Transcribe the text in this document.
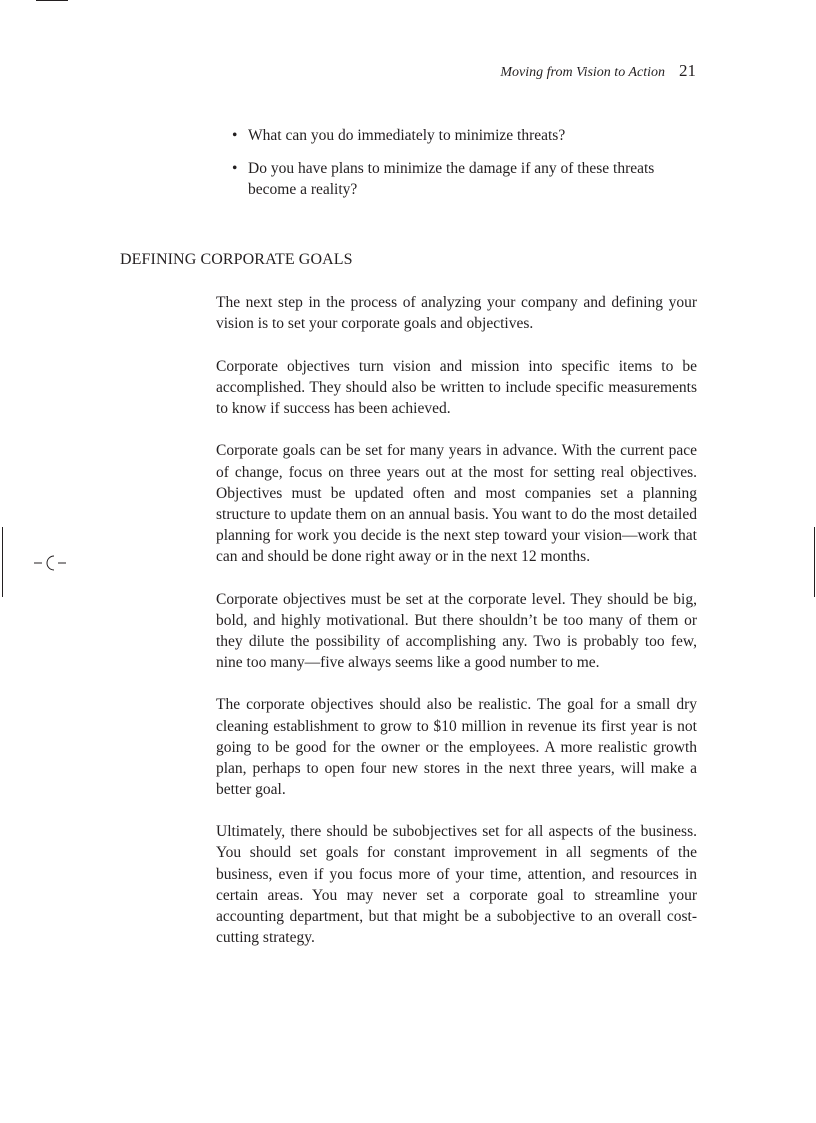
Moving from Vision to Action 21
• What can you do immediately to minimize threats?
• Do you have plans to minimize the damage if any of these threats become a reality?
DEFINING CORPORATE GOALS

The next step in the process of analyzing your company and defining your vision is to set your corporate goals and objectives.

Corporate objectives turn vision and mission into specific items to be accomplished. They should also be written to include specific measurements to know if success has been achieved.

Corporate goals can be set for many years in advance. With the current pace of change, focus on three years out at the most for setting real objectives. Objectives must be updated often and most companies set a planning structure to update them on an annual basis. You want to do the most detailed planning for work you decide is the next step toward your vision—work that can and should be done right away or in the next 12 months.

Corporate objectives must be set at the corporate level. They should be big, bold, and highly motivational. But there shouldn’t be too many of them or they dilute the possibility of accomplishing any. Two is probably too few, nine too many—five always seems like a good number to me.

The corporate objectives should also be realistic. The goal for a small dry cleaning establishment to grow to $10 million in revenue its first year is not going to be good for the owner or the employees. A more realistic growth plan, perhaps to open four new stores in the next three years, will make a better goal.

Ultimately, there should be subobjectives set for all aspects of the business. You should set goals for constant improvement in all segments of the business, even if you focus more of your time, attention, and resources in certain areas. You may never set a corporate goal to streamline your accounting department, but that might be a subobjective to an overall cost-cutting strategy.
